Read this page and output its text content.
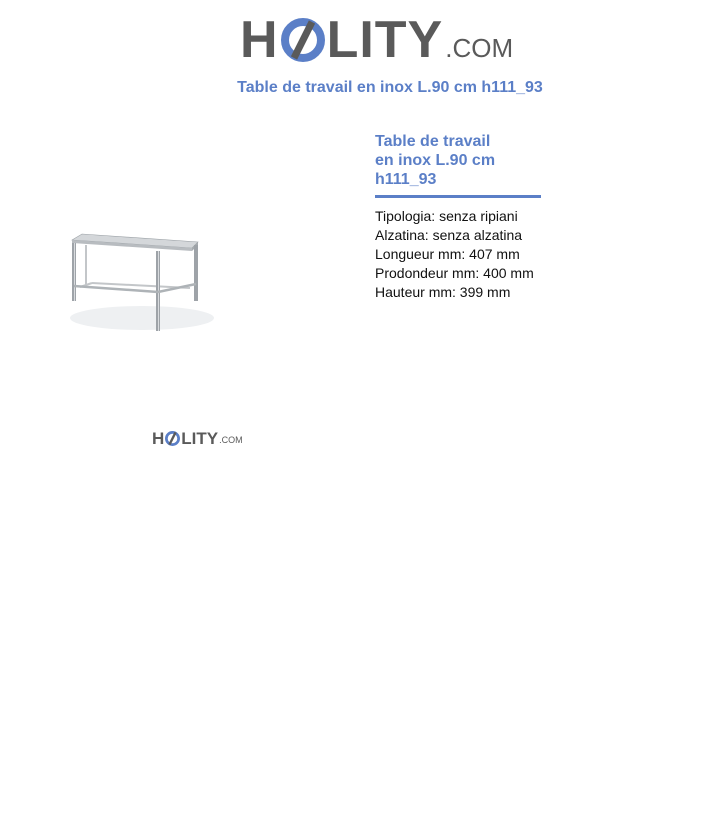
H LITY .COM
Table de travail en inox L.90 cm h111_93
H LITY .COM
Table de travail en inox L.90 cm h111_93
Tipologia: senza ripiani
Alzatina: senza alzatina
Longueur mm: 407 mm
Prodondeur mm: 400 mm
Hauteur mm: 399 mm
